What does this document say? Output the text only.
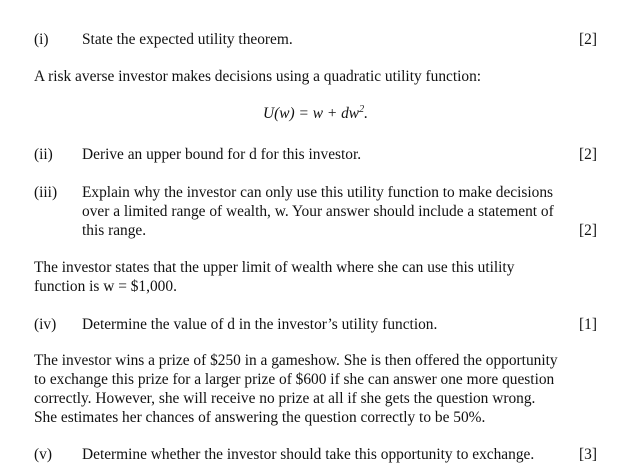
(i) State the expected utility theorem.	[2]
A risk averse investor makes decisions using a quadratic utility function:
$U(w) = w + dw^2$.
(ii) Derive an upper bound for d for this investor.	[2]
(iii) Explain why the investor can only use this utility function to make decisions
over a limited range of wealth, w. Your answer should include a statement of
this range.	[2]
The investor states that the upper limit of wealth where she can use this utility
function is w = $1,000.
(iv) Determine the value of d in the investor’s utility function.	[1]
The investor wins a prize of $250 in a gameshow. She is then offered the opportunity
to exchange this prize for a larger prize of $600 if she can answer one more question
correctly. However, she will receive no prize at all if she gets the question wrong.
She estimates her chances of answering the question correctly to be 50%.
(v) Determine whether the investor should take this opportunity to exchange.	[3]
